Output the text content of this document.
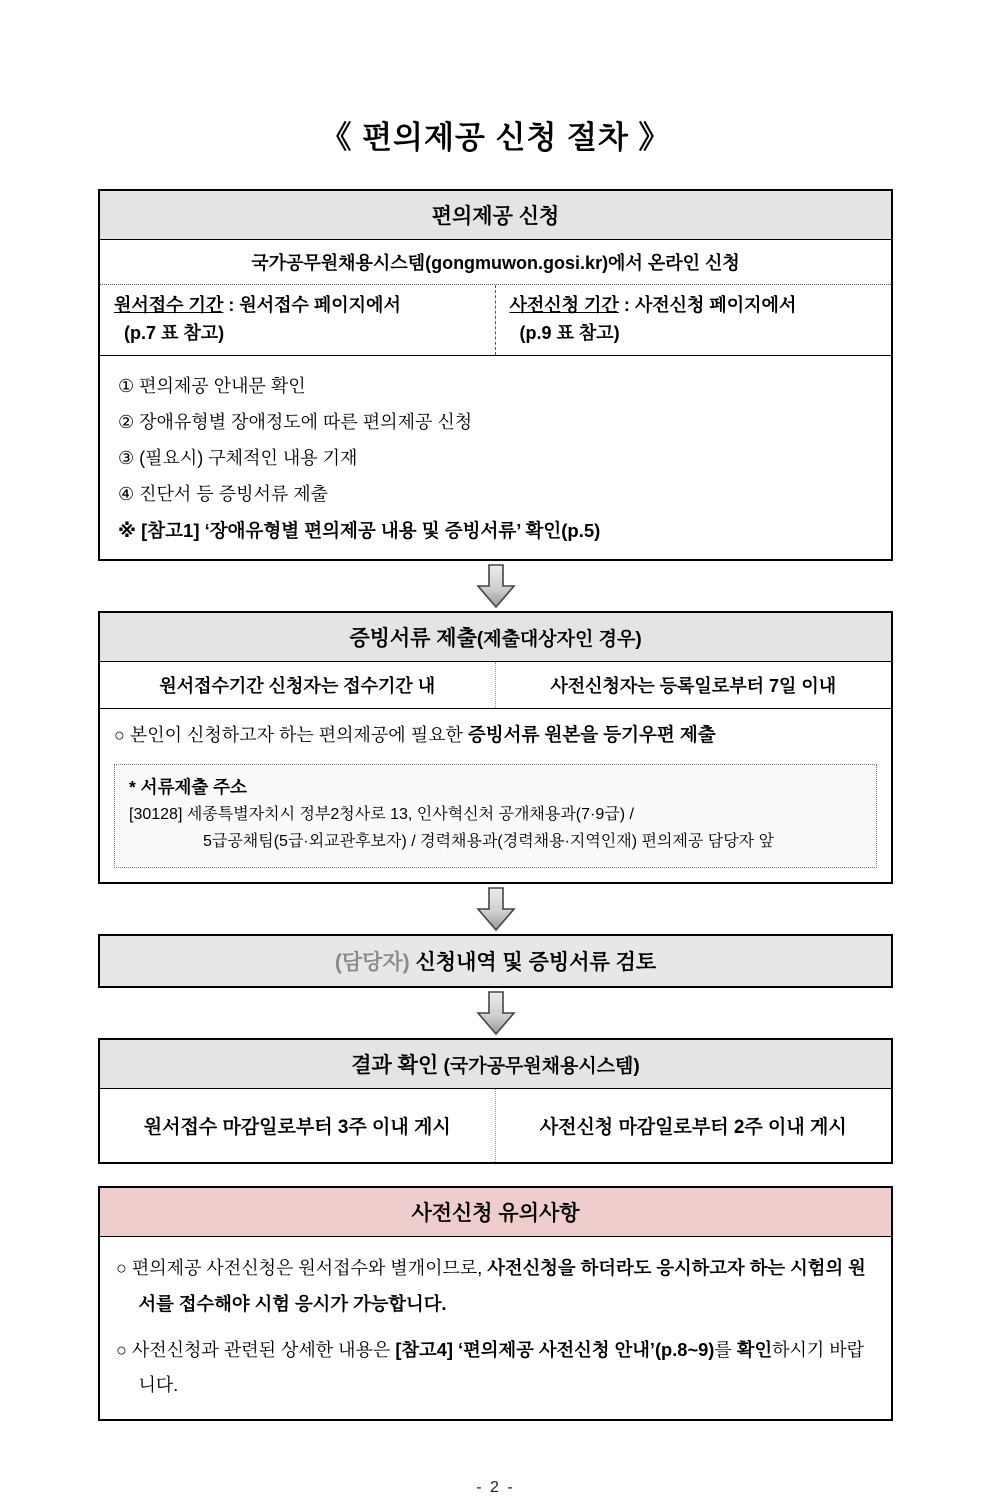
《 편의제공 신청 절차 》
편의제공 신청
국가공무원채용시스템(gongmuwon.gosi.kr)에서 온라인 신청
원서접수 기간 : 원서접수 페이지에서
(p.7 표 참고)
사전신청 기간 : 사전신청 페이지에서
(p.9 표 참고)
① 편의제공 안내문 확인
② 장애유형별 장애정도에 따른 편의제공 신청
③ (필요시) 구체적인 내용 기재
④ 진단서 등 증빙서류 제출
※ [참고1] ‘장애유형별 편의제공 내용 및 증빙서류’ 확인(p.5)
증빙서류 제출(제출대상자인 경우)
원서접수기간 신청자는 접수기간 내	사전신청자는 등록일로부터 7일 이내
○ 본인이 신청하고자 하는 편의제공에 필요한 증빙서류 원본을 등기우편 제출
* 서류제출 주소
[30128] 세종특별자치시 정부2청사로 13, 인사혁신처 공개채용과(7·9급) /
5급공채팀(5급·외교관후보자) / 경력채용과(경력채용·지역인재) 편의제공 담당자 앞
(담당자) 신청내역 및 증빙서류 검토
결과 확인 (국가공무원채용시스템)
원서접수 마감일로부터 3주 이내 게시	사전신청 마감일로부터 2주 이내 게시
사전신청 유의사항

○ 편의제공 사전신청은 원서접수와 별개이므로, 사전신청을 하더라도 응시하고자 하는 시험의 원서를 접수해야 시험 응시가 가능합니다.

○ 사전신청과 관련된 상세한 내용은 [참고4] ‘편의제공 사전신청 안내’(p.8~9)를 확인하시기 바랍니다.

- 2 -
